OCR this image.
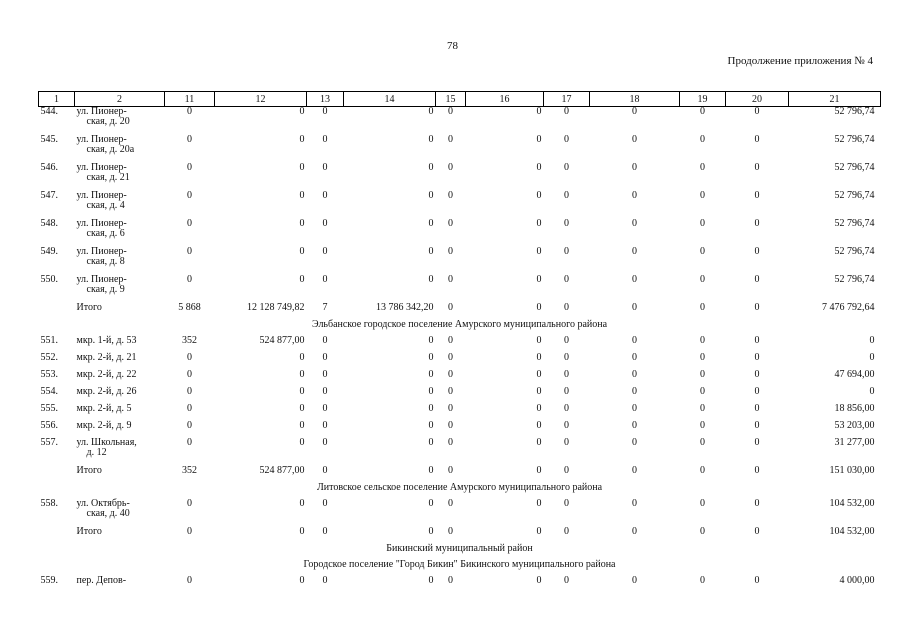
78
Продолжение приложения № 4
1	2	11	12	13	14	15	16	17	18	19	20	21
544.	ул. Пионер-
ская, д. 20	0	0	0	0	0	0	0	0	0	0	52 796,74
545.	ул. Пионер-
ская, д. 20а	0	0	0	0	0	0	0	0	0	0	52 796,74
546.	ул. Пионер-
ская, д. 21	0	0	0	0	0	0	0	0	0	0	52 796,74
547.	ул. Пионер-
ская, д. 4	0	0	0	0	0	0	0	0	0	0	52 796,74
548.	ул. Пионер-
ская, д. 6	0	0	0	0	0	0	0	0	0	0	52 796,74
549.	ул. Пионер-
ская, д. 8	0	0	0	0	0	0	0	0	0	0	52 796,74
550.	ул. Пионер-
ская, д. 9	0	0	0	0	0	0	0	0	0	0	52 796,74
	Итого	5 868	12 128 749,82	7	13 786 342,20	0	0	0	0	0	0	7 476 792,64
Эльбанское городское поселение Амурского муниципального района												
551.	мкр. 1-й, д. 53	352	524 877,00	0	0	0	0	0	0	0	0	0
552.	мкр. 2-й, д. 21	0	0	0	0	0	0	0	0	0	0	0
553.	мкр. 2-й, д. 22	0	0	0	0	0	0	0	0	0	0	47 694,00
554.	мкр. 2-й, д. 26	0	0	0	0	0	0	0	0	0	0	0
555.	мкр. 2-й, д. 5	0	0	0	0	0	0	0	0	0	0	18 856,00
556.	мкр. 2-й, д. 9	0	0	0	0	0	0	0	0	0	0	53 203,00
557.	ул. Школьная,
д. 12	0	0	0	0	0	0	0	0	0	0	31 277,00
	Итого	352	524 877,00	0	0	0	0	0	0	0	0	151 030,00
Литовское сельское поселение Амурского муниципального района												
558.	ул. Октябрь-
ская, д. 40	0	0	0	0	0	0	0	0	0	0	104 532,00
	Итого	0	0	0	0	0	0	0	0	0	0	104 532,00
Бикинский муниципальный район												
Городское поселение "Город Бикин" Бикинского муниципального района												
559.	пер. Депов-	0	0	0	0	0	0	0	0	0	0	4 000,00
